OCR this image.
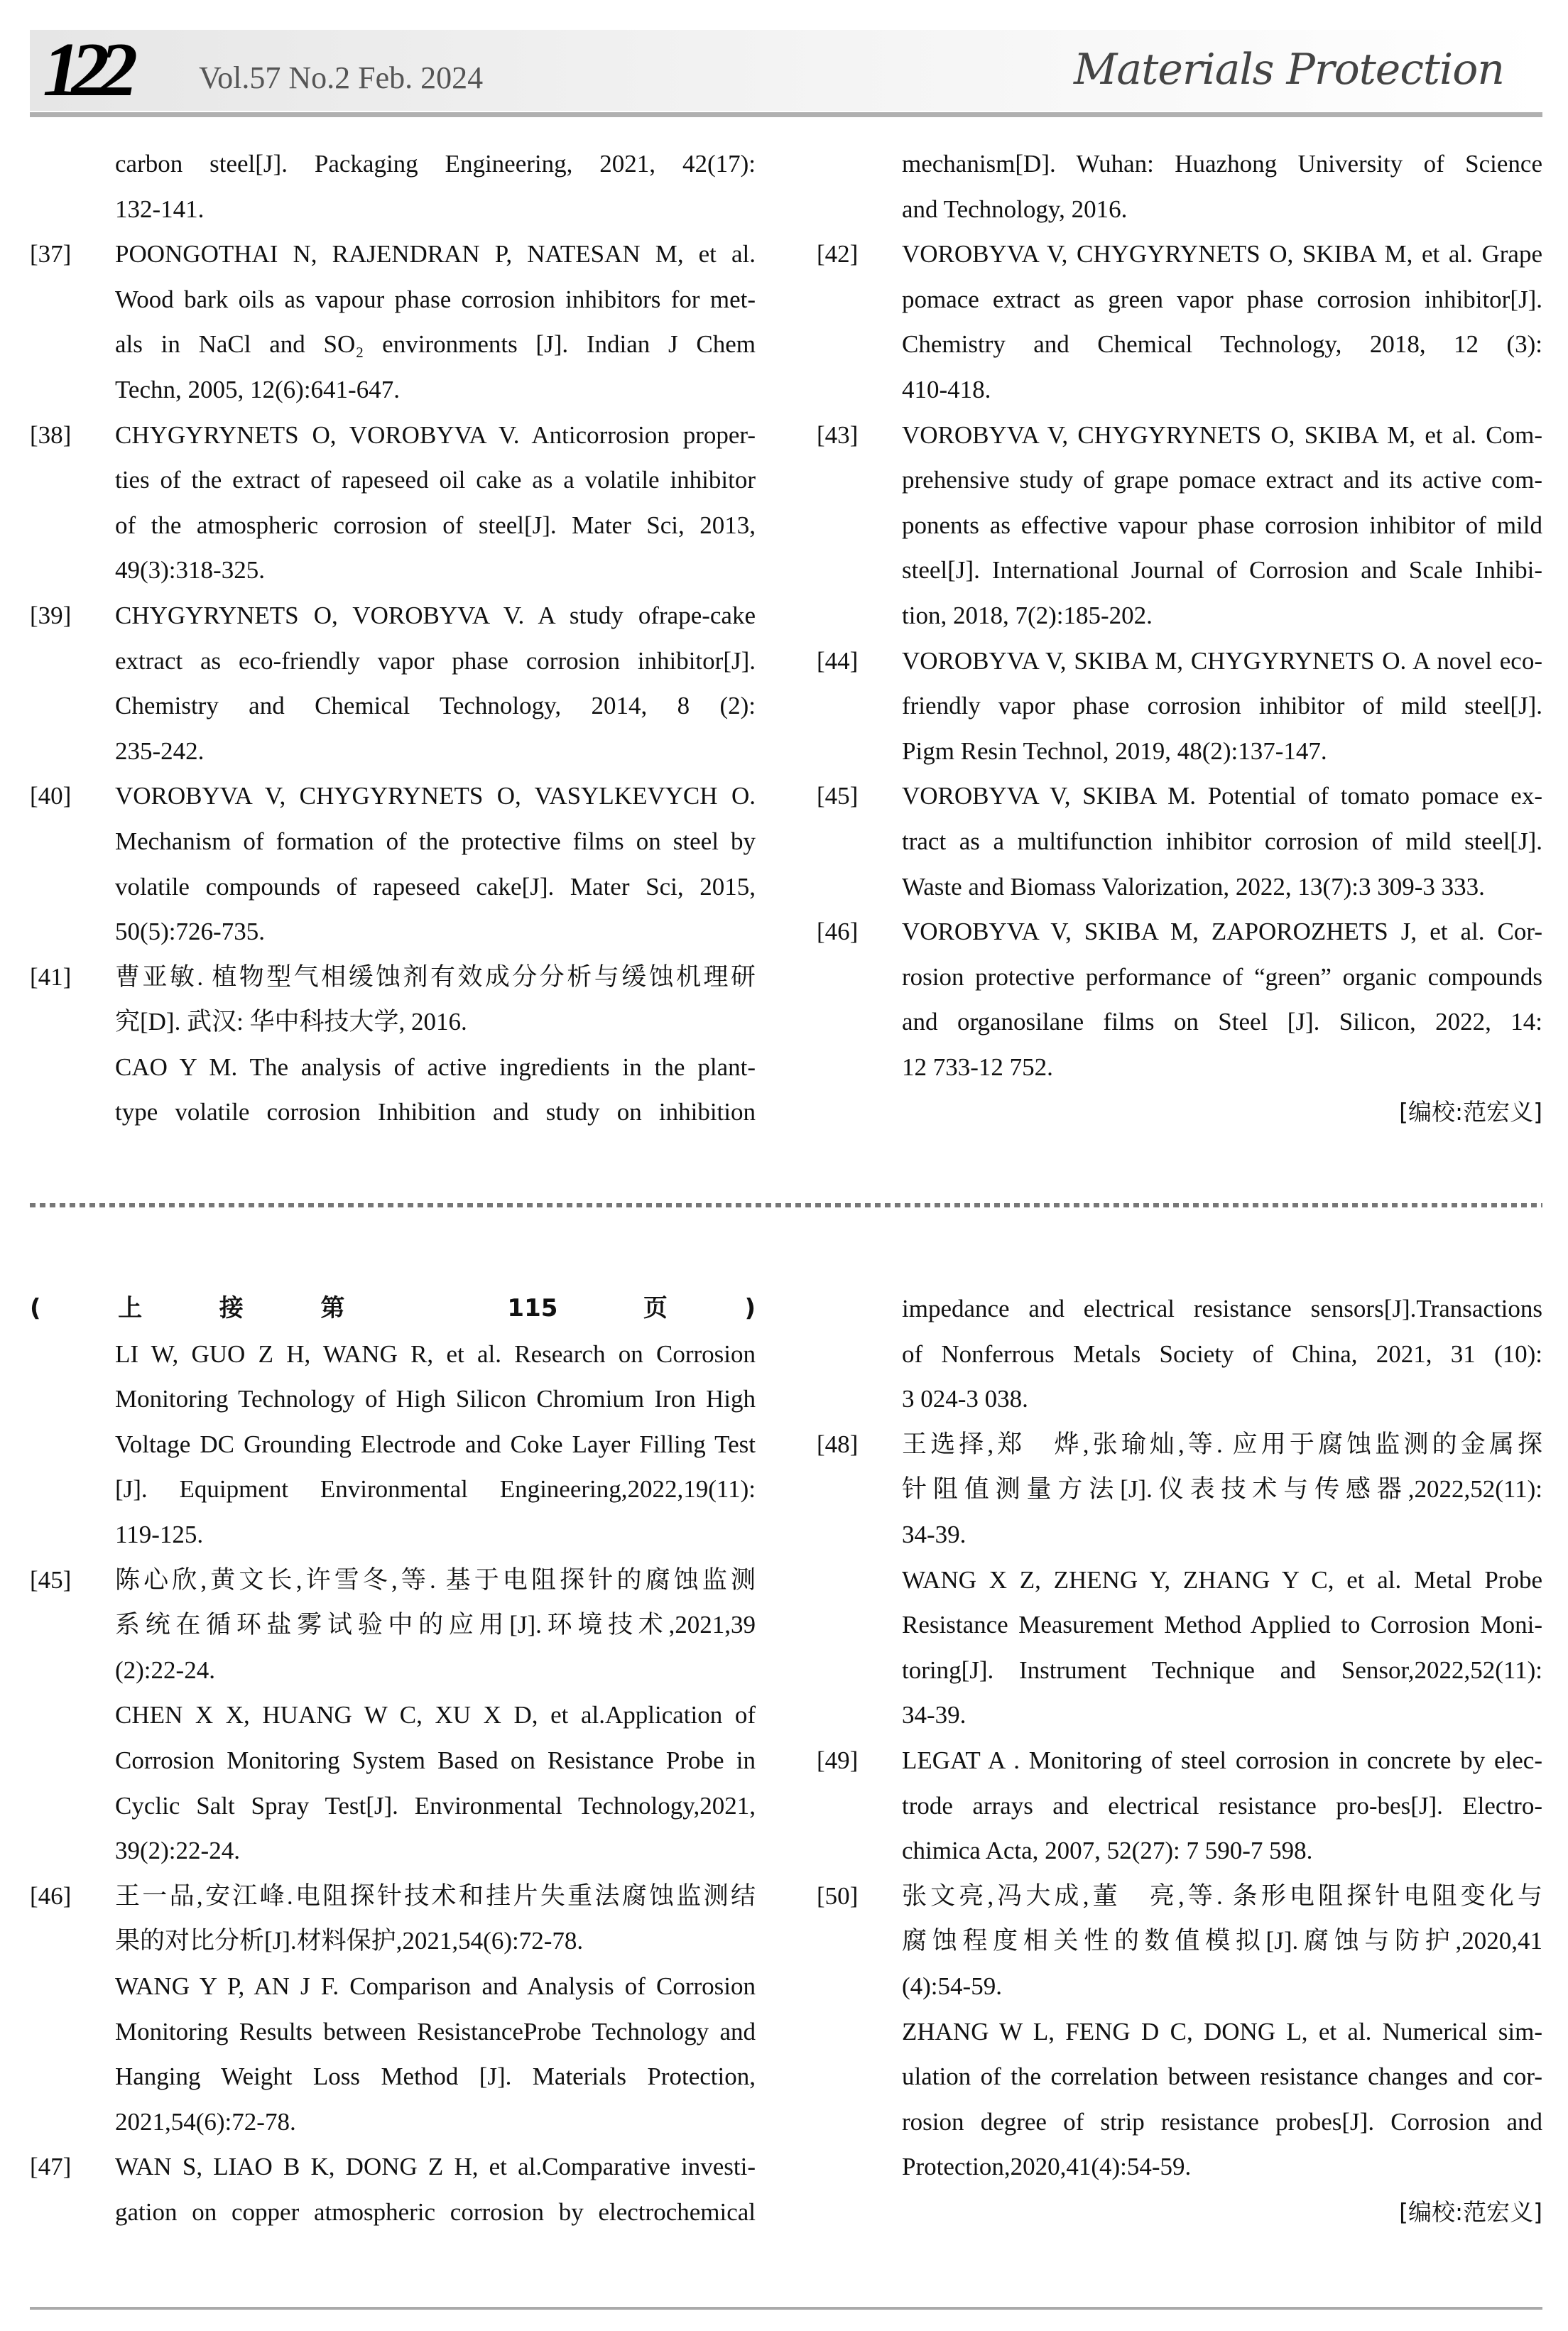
122 Vol.57 No.2 Feb. 2024	Materials Protection
carbon steel[J]. Packaging Engineering, 2021, 42(17):
132-141.
[37] POONGOTHAI N, RAJENDRAN P, NATESAN M, et al.
Wood bark oils as vapour phase corrosion inhibitors for met-
als in NaCl and SO₂ environments [J]. Indian J Chem
Techn, 2005, 12(6):641-647.
[38] CHYGYRYNETS O, VOROBYVA V. Anticorrosion proper-
ties of the extract of rapeseed oil cake as a volatile inhibitor
of the atmospheric corrosion of steel[J]. Mater Sci, 2013,
49(3):318-325.
[39] CHYGYRYNETS O, VOROBYVA V. A study ofrape-cake
extract as eco-friendly vapor phase corrosion inhibitor[J].
Chemistry and Chemical Technology, 2014, 8 (2):
235-242.
[40] VOROBYVA V, CHYGYRYNETS O, VASYLKEVYCH O.
Mechanism of formation of the protective films on steel by
volatile compounds of rapeseed cake[J]. Mater Sci, 2015,
50(5):726-735.
[41] 曹亚敏. 植物型气相缓蚀剂有效成分分析与缓蚀机理研
究[D]. 武汉: 华中科技大学, 2016.
CAO Y M. The analysis of active ingredients in the plant-
type volatile corrosion Inhibition and study on inhibition
mechanism[D]. Wuhan: Huazhong University of Science
and Technology, 2016.
[42] VOROBYVA V, CHYGYRYNETS O, SKIBA M, et al. Grape
pomace extract as green vapor phase corrosion inhibitor[J].
Chemistry and Chemical Technology, 2018, 12 (3):
410-418.
[43] VOROBYVA V, CHYGYRYNETS O, SKIBA M, et al. Com-
prehensive study of grape pomace extract and its active com-
ponents as effective vapour phase corrosion inhibitor of mild
steel[J]. International Journal of Corrosion and Scale Inhibi-
tion, 2018, 7(2):185-202.
[44] VOROBYVA V, SKIBA M, CHYGYRYNETS O. A novel eco-
friendly vapor phase corrosion inhibitor of mild steel[J].
Pigm Resin Technol, 2019, 48(2):137-147.
[45] VOROBYVA V, SKIBA M. Potential of tomato pomace ex-
tract as a multifunction inhibitor corrosion of mild steel[J].
Waste and Biomass Valorization, 2022, 13(7):3 309-3 333.
[46] VOROBYVA V, SKIBA M, ZAPOROZHETS J, et al. Cor-
rosion protective performance of “green” organic compounds
and organosilane films on Steel [J]. Silicon, 2022, 14:
12 733-12 752.
[编校:范宏义]
(上接第 115 页)
LI W, GUO Z H, WANG R, et al. Research on Corrosion
Monitoring Technology of High Silicon Chromium Iron High
Voltage DC Grounding Electrode and Coke Layer Filling Test
[J]. Equipment Environmental Engineering,2022,19(11):
119-125.
[45] 陈心欣,黄文长,许雪冬,等. 基于电阻探针的腐蚀监测
系统在循环盐雾试验中的应用[J].环境技术,2021,39
(2):22-24.
CHEN X X, HUANG W C, XU X D, et al.Application of
Corrosion Monitoring System Based on Resistance Probe in
Cyclic Salt Spray Test[J]. Environmental Technology,2021,
39(2):22-24.
[46] 王一品,安江峰.电阻探针技术和挂片失重法腐蚀监测结
果的对比分析[J].材料保护,2021,54(6):72-78.
WANG Y P, AN J F. Comparison and Analysis of Corrosion
Monitoring Results between ResistanceProbe Technology and
Hanging Weight Loss Method [J]. Materials Protection,
2021,54(6):72-78.
[47] WAN S, LIAO B K, DONG Z H, et al.Comparative investi-
gation on copper atmospheric corrosion by electrochemical
impedance and electrical resistance sensors[J].Transactions
of Nonferrous Metals Society of China, 2021, 31 (10):
3 024-3 038.
[48] 王选择,郑　烨,张瑜灿,等. 应用于腐蚀监测的金属探
针阻值测量方法[J].仪表技术与传感器,2022,52(11):
34-39.
WANG X Z, ZHENG Y, ZHANG Y C, et al. Metal Probe
Resistance Measurement Method Applied to Corrosion Moni-
toring[J]. Instrument Technique and Sensor,2022,52(11):
34-39.
[49] LEGAT A . Monitoring of steel corrosion in concrete by elec-
trode arrays and electrical resistance pro-bes[J]. Electro-
chimica Acta, 2007, 52(27): 7 590-7 598.
[50] 张文亮,冯大成,董　亮,等. 条形电阻探针电阻变化与
腐蚀程度相关性的数值模拟[J].腐蚀与防护,2020,41
(4):54-59.
ZHANG W L, FENG D C, DONG L, et al. Numerical sim-
ulation of the correlation between resistance changes and cor-
rosion degree of strip resistance probes[J]. Corrosion and
Protection,2020,41(4):54-59.
[编校:范宏义]
